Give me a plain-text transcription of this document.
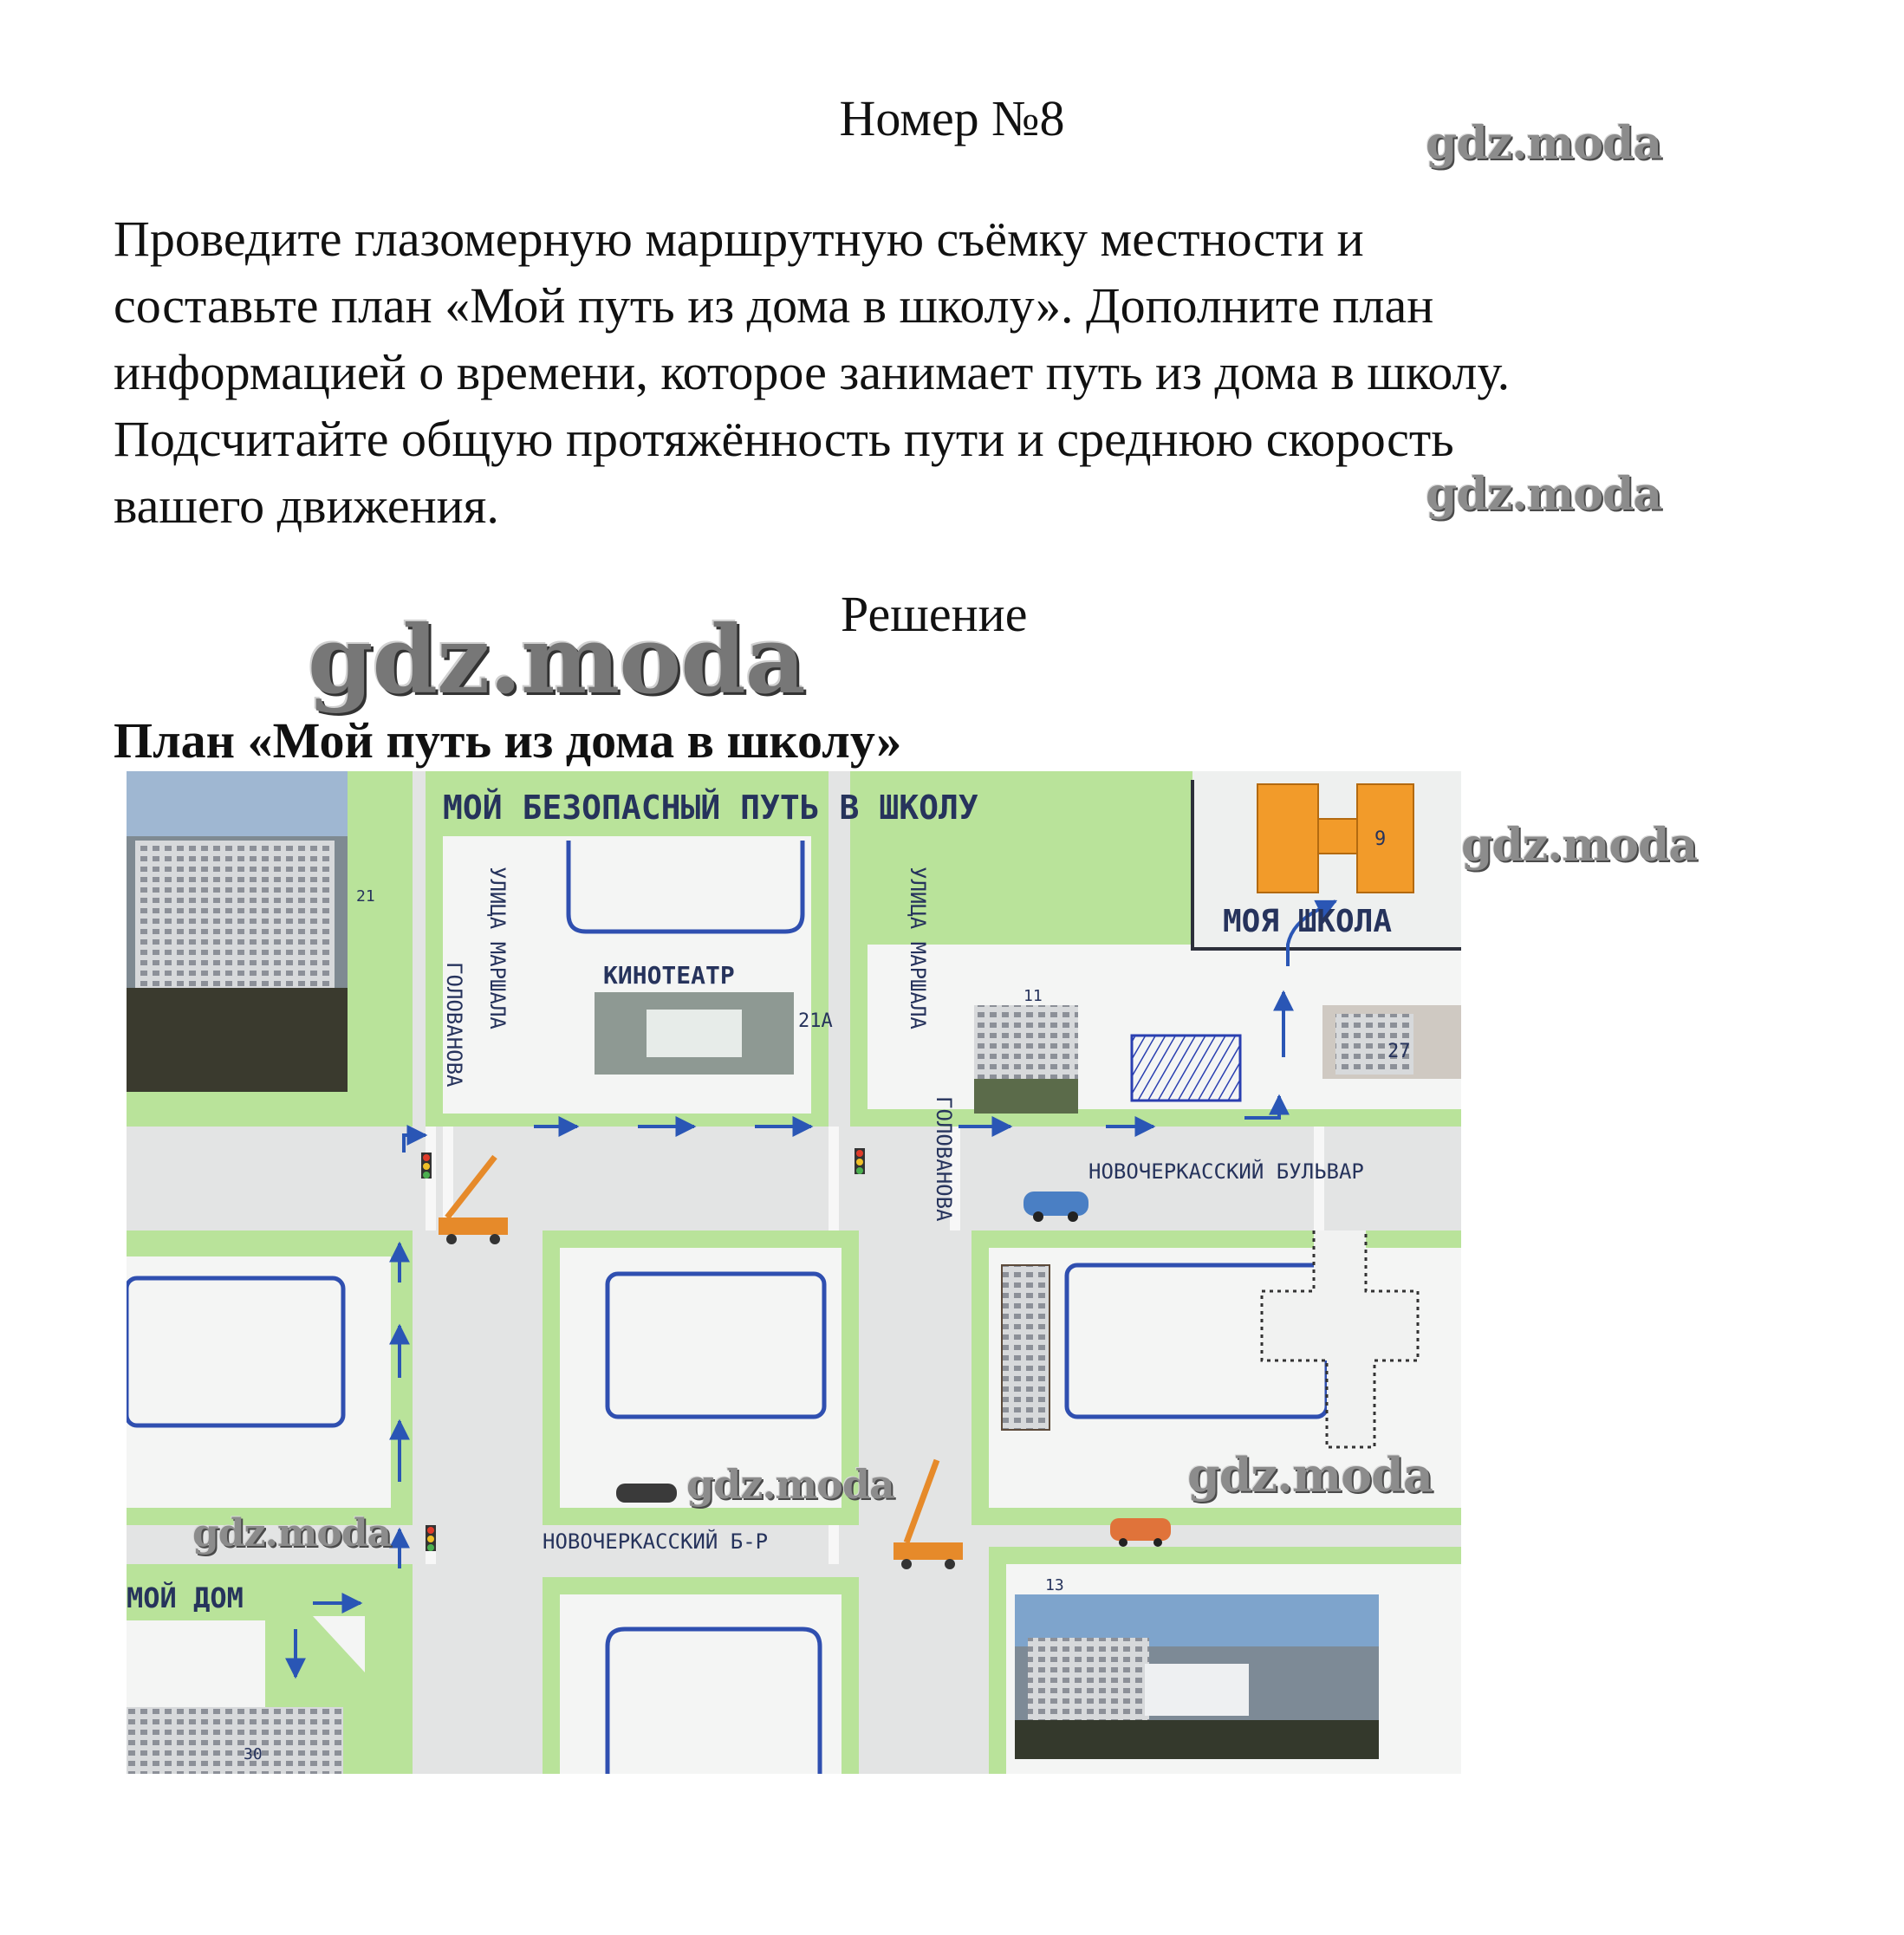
Номер №8
Проведите глазомерную маршрутную съёмку местности и
составьте план «Мой путь из дома в школу». Дополните план
информацией о времени, которое занимает путь из дома в школу.
Подсчитайте общую протяжённость пути и среднюю скорость
вашего движения.
Решение
План «Мой путь из дома в школу»
МОЙ БЕЗОПАСНЫЙ ПУТЬ В ШКОЛУ
МОЯ ШКОЛА
9
МОЙ ДОМ
КИНОТЕАТР
21А
УЛИЦА МАРШАЛА
ГОЛОВАНОВА	УЛИЦА МАРШАЛА
ГОЛОВАНОВА	НОВОЧЕРКАССКИЙ БУЛЬВАР
НОВОЧЕРКАССКИЙ Б-Р
11
27
21
13
30
gdz.moda
gdz.moda
gdz.moda
gdz.moda
gdz.moda	gdz.moda
gdz.moda
